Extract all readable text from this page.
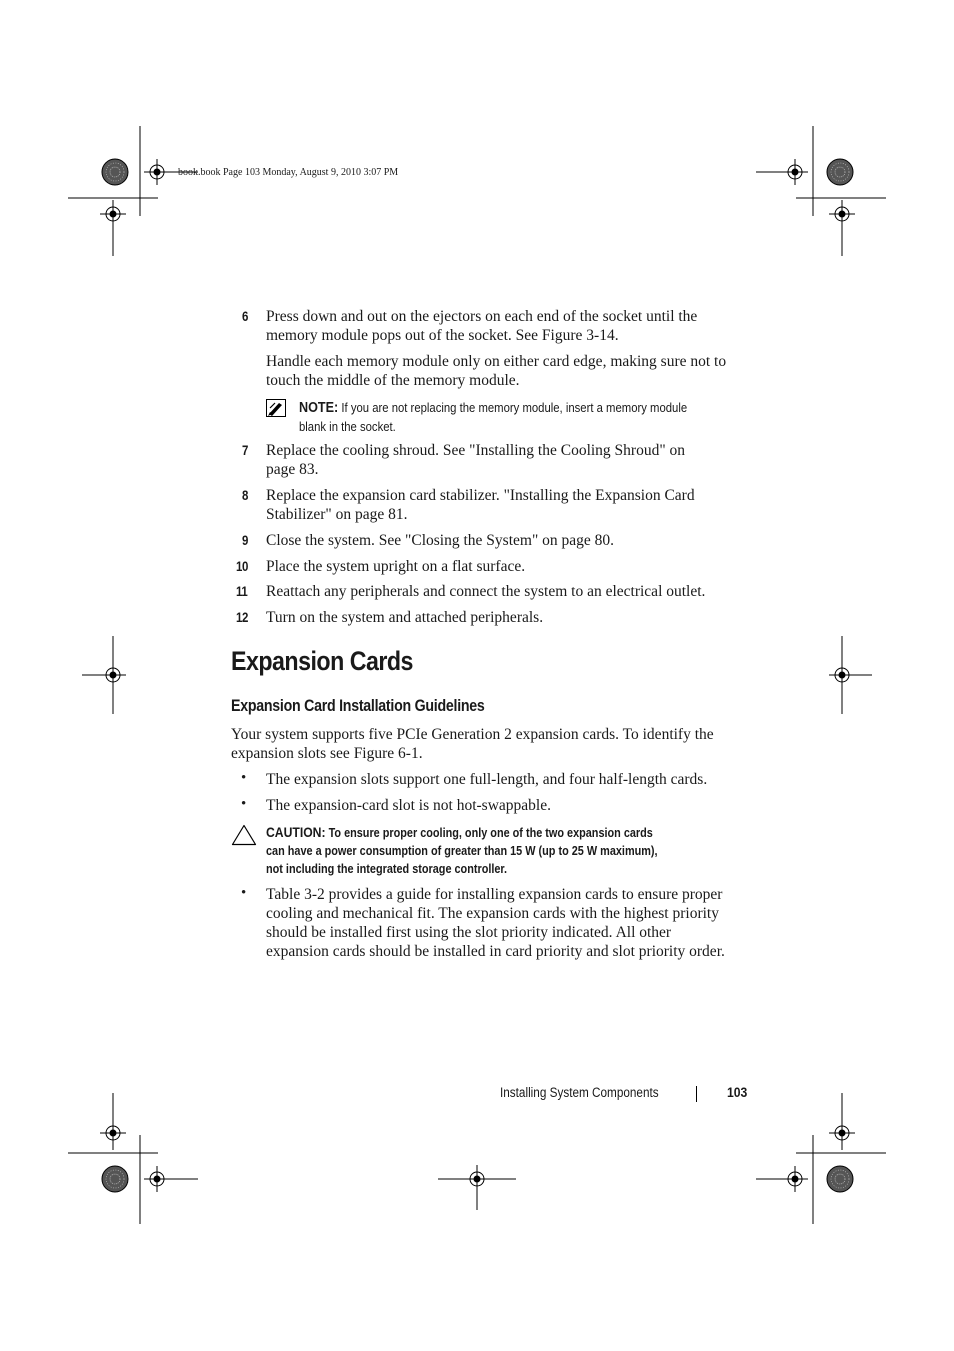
book.book Page 103 Monday, August 9, 2010 3:07 PM
6 Press down and out on the ejectors on each end of the socket until the
memory module pops out of the socket. See Figure 3-14.
Handle each memory module only on either card edge, making sure not to
touch the middle of the memory module.
NOTE: If you are not replacing the memory module, insert a memory module
blank in the socket.
7 Replace the cooling shroud. See "Installing the Cooling Shroud" on
page 83.
8 Replace the expansion card stabilizer. "Installing the Expansion Card
Stabilizer" on page 81.
9 Close the system. See "Closing the System" on page 80.
10 Place the system upright on a flat surface.
11 Reattach any peripherals and connect the system to an electrical outlet.
12 Turn on the system and attached peripherals.
Expansion Cards
Expansion Card Installation Guidelines
Your system supports five PCIe Generation 2 expansion cards. To identify the
expansion slots see Figure 6-1.
• The expansion slots support one full-length, and four half-length cards.
• The expansion-card slot is not hot-swappable.
CAUTION: To ensure proper cooling, only one of the two expansion cards
can have a power consumption of greater than 15 W (up to 25 W maximum),
not including the integrated storage controller.
• Table 3-2 provides a guide for installing expansion cards to ensure proper
cooling and mechanical fit. The expansion cards with the highest priority
should be installed first using the slot priority indicated. All other
expansion cards should be installed in card priority and slot priority order.
Installing System Components	103
